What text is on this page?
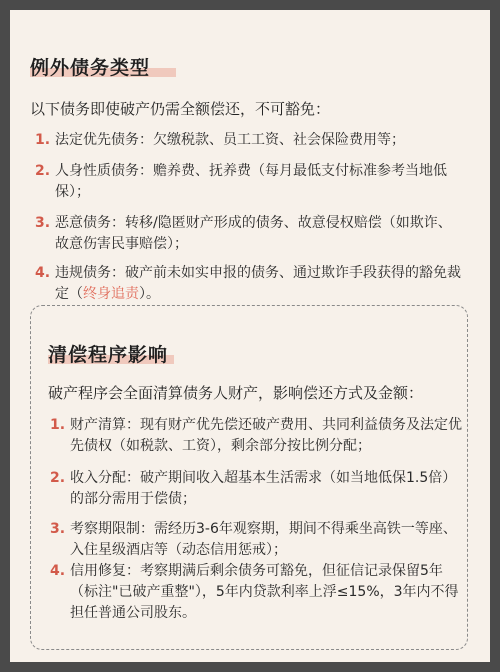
例外债务类型
以下债务即使破产仍需全额偿还，不可豁免：
1. 法定优先债务：欠缴税款、员工工资、社会保险费用等；
2. 人身性质债务：赡养费、抚养费（每月最低支付标准参考当地低保）；
3. 恶意债务：转移/隐匿财产形成的债务、故意侵权赔偿（如欺诈、故意伤害民事赔偿）；
4. 违规债务：破产前未如实申报的债务、通过欺诈手段获得的豁免裁定（终身追责）。
清偿程序影响
破产程序会全面清算债务人财产，影响偿还方式及金额：
1. 财产清算：现有财产优先偿还破产费用、共同利益债务及法定优先债权（如税款、工资），剩余部分按比例分配；
2. 收入分配：破产期间收入超基本生活需求（如当地低保1.5倍）的部分需用于偿债；
3. 考察期限制：需经历3-6年观察期，期间不得乘坐高铁一等座、入住星级酒店等（动态信用惩戒）；
4. 信用修复：考察期满后剩余债务可豁免，但征信记录保留5年（标注"已破产重整"），5年内贷款利率上浮≤15%，3年内不得担任普通公司股东。
